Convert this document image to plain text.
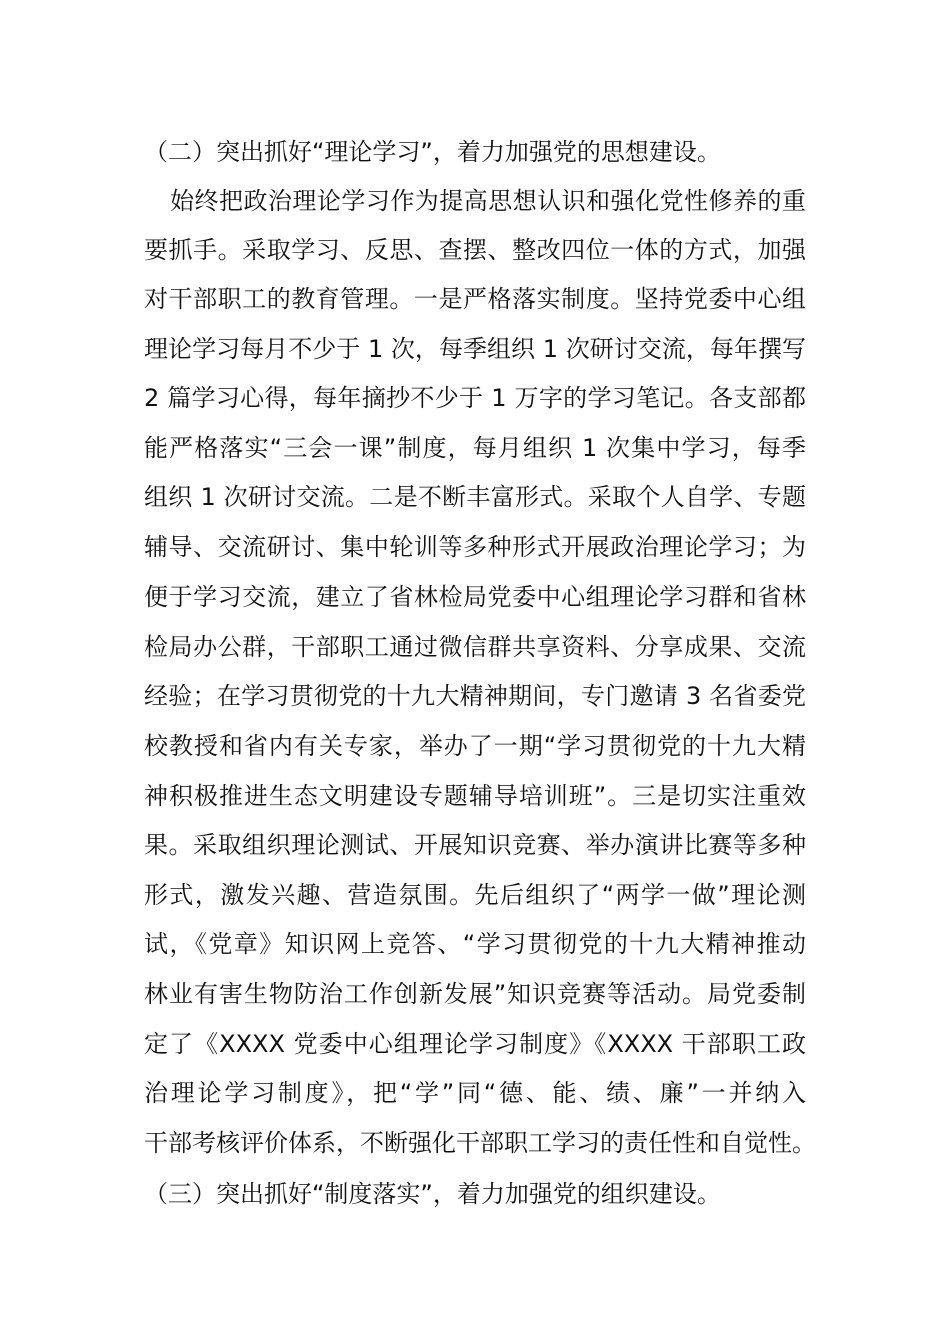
（二）突出抓好“理论学习”，着力加强党的思想建设。
始终把政治理论学习作为提高思想认识和强化党性修养的重
要抓手。采取学习、反思、查摆、整改四位一体的方式，加强
对干部职工的教育管理。一是严格落实制度。坚持党委中心组
理论学习每月不少于 1 次，每季组织 1 次研讨交流，每年撰写
2 篇学习心得，每年摘抄不少于 1 万字的学习笔记。各支部都
能严格落实“三会一课”制度，每月组织 1 次集中学习，每季
组织 1 次研讨交流。二是不断丰富形式。采取个人自学、专题
辅导、交流研讨、集中轮训等多种形式开展政治理论学习；为
便于学习交流，建立了省林检局党委中心组理论学习群和省林
检局办公群，干部职工通过微信群共享资料、分享成果、交流
经验；在学习贯彻党的十九大精神期间，专门邀请 3 名省委党
校教授和省内有关专家，举办了一期“学习贯彻党的十九大精
神积极推进生态文明建设专题辅导培训班”。三是切实注重效
果。采取组织理论测试、开展知识竞赛、举办演讲比赛等多种
形式，激发兴趣、营造氛围。先后组织了“两学一做”理论测
试，《党章》知识网上竞答、“学习贯彻党的十九大精神推动
林业有害生物防治工作创新发展”知识竞赛等活动。局党委制
定了《XXXX 党委中心组理论学习制度》《XXXX 干部职工政
治理论学习制度》，把“学”同“德、能、绩、廉”一并纳入
干部考核评价体系，不断强化干部职工学习的责任性和自觉性。
（三）突出抓好“制度落实”，着力加强党的组织建设。
